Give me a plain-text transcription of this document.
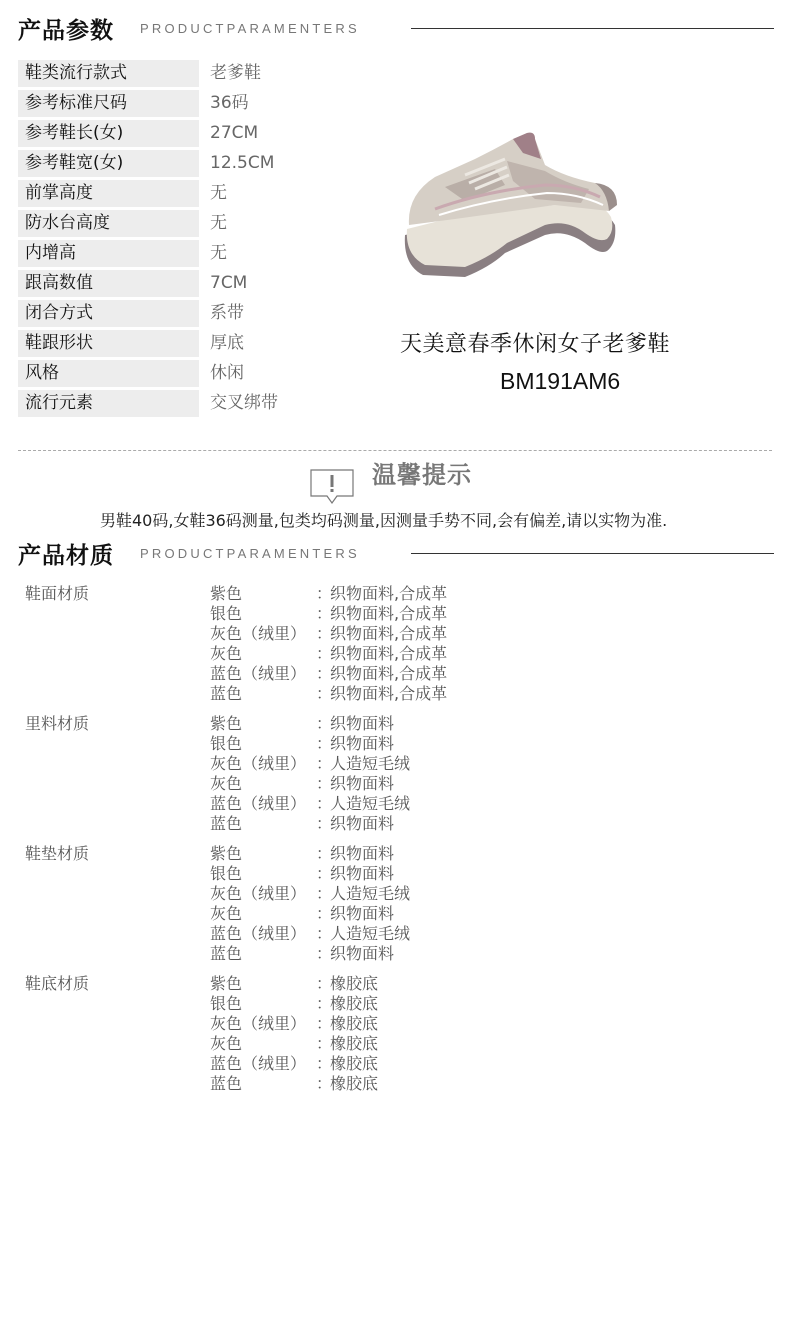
产品参数 PRODUCTPARAMENTERS
鞋类流行款式	老爹鞋
参考标准尺码	36码
参考鞋长(女)	27CM
参考鞋宽(女)	12.5CM
前掌高度	无
防水台高度	无
内增高	无
跟高数值	7CM
闭合方式	系带
鞋跟形状	厚底
风格	休闲
流行元素	交叉绑带
天美意春季休闲女子老爹鞋
BM191AM6
温馨提示
男鞋40码,女鞋36码测量,包类均码测量,因测量手势不同,会有偏差,请以实物为准.
产品材质 PRODUCTPARAMENTERS
鞋面材质	紫色	：织物面料,合成革
银色	：织物面料,合成革
灰色（绒里） ：织物面料,合成革
灰色	：织物面料,合成革
蓝色（绒里） ：织物面料,合成革
蓝色	：织物面料,合成革
里料材质	紫色	：织物面料
银色	：织物面料
灰色（绒里） ：人造短毛绒
灰色	：织物面料
蓝色（绒里） ：人造短毛绒
蓝色	：织物面料
鞋垫材质	紫色	：织物面料
银色	：织物面料
灰色（绒里） ：人造短毛绒
灰色	：织物面料
蓝色（绒里） ：人造短毛绒
蓝色	：织物面料
鞋底材质	紫色	：橡胶底
银色	：橡胶底
灰色（绒里） ：橡胶底
灰色	：橡胶底
蓝色（绒里） ：橡胶底
蓝色	：橡胶底
